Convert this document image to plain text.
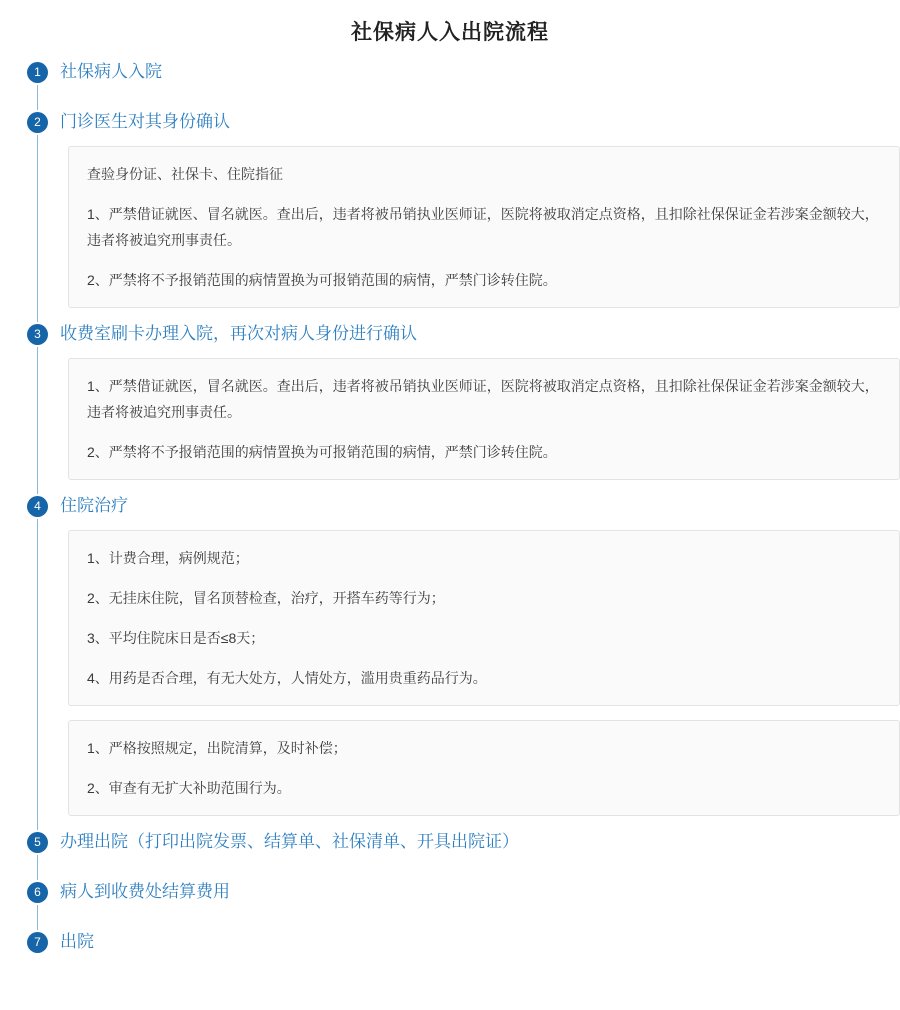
社保病人入出院流程
1	社保病人入院
2	门诊医生对其身份确认

查验身份证、社保卡、住院指征

1、严禁借证就医、冒名就医。查出后，违者将被吊销执业医师证，医院将被取消定点资格，且扣除社保保证金若涉案金额较大，违者将被追究刑事责任。

2、严禁将不予报销范围的病情置换为可报销范围的病情，严禁门诊转住院。

3	收费室刷卡办理入院，再次对病人身份进行确认

1、严禁借证就医，冒名就医。查出后，违者将被吊销执业医师证，医院将被取消定点资格，且扣除社保保证金若涉案金额较大，违者将被追究刑事责任。

2、严禁将不予报销范围的病情置换为可报销范围的病情，严禁门诊转住院。

4	住院治疗

1、计费合理，病例规范；

2、无挂床住院，冒名顶替检查，治疗，开搭车药等行为；

3、平均住院床日是否≤8天；

4、用药是否合理，有无大处方，人情处方，滥用贵重药品行为。

1、严格按照规定，出院清算，及时补偿；

2、审查有无扩大补助范围行为。

5	办理出院（打印出院发票、结算单、社保清单、开具出院证）
6	病人到收费处结算费用
7	出院
